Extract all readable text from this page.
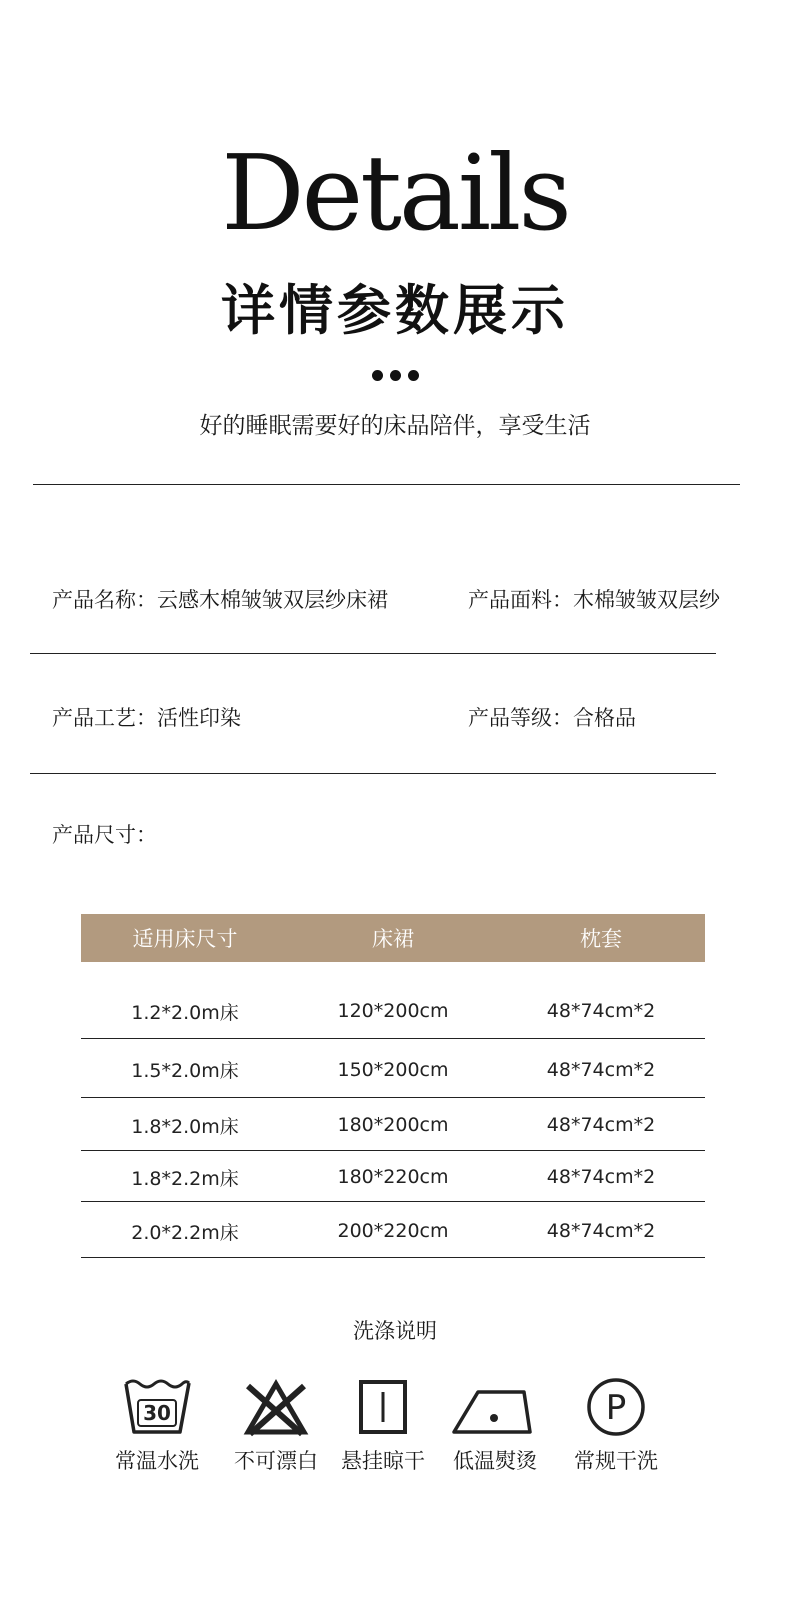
Details
详情参数展示
好的睡眠需要好的床品陪伴，享受生活
产品名称：云感木棉皱皱双层纱床裙	产品面料：木棉皱皱双层纱
产品工艺：活性印染	产品等级：合格品
产品尺寸：
适用床尺寸	床裙	枕套
1.2*2.0m床	120*200cm	48*74cm*2
1.5*2.0m床	150*200cm	48*74cm*2
1.8*2.0m床	180*200cm	48*74cm*2
1.8*2.2m床	180*220cm	48*74cm*2
2.0*2.2m床	200*220cm	48*74cm*2
洗涤说明
30
常温水洗	不可漂白	悬挂晾干	低温熨烫
P
常规干洗
